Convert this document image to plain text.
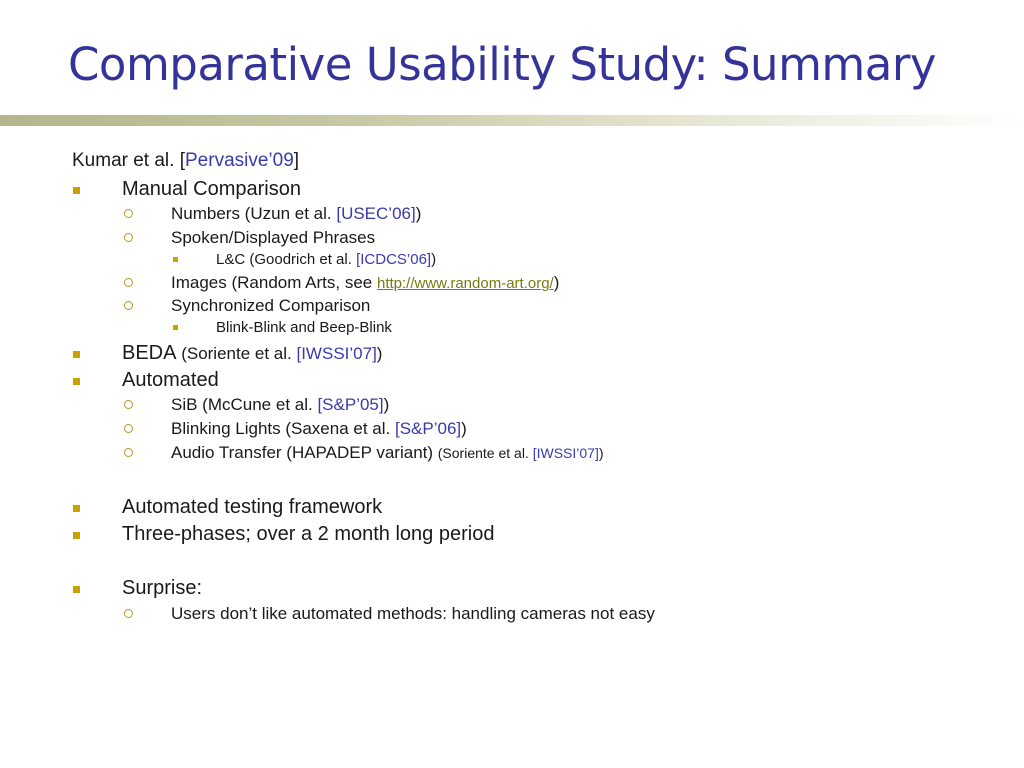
Comparative Usability Study: Summary
Kumar et al. [Pervasive’09]
Manual Comparison
Numbers (Uzun et al. [USEC’06])
Spoken/Displayed Phrases
L&C (Goodrich et al. [ICDCS’06])
Images (Random Arts, see http://www.random-art.org/)
Synchronized Comparison
Blink-Blink and Beep-Blink
BEDA (Soriente et al. [IWSSI’07])
Automated
SiB (McCune et al. [S&P’05])
Blinking Lights (Saxena et al. [S&P’06])
Audio Transfer (HAPADEP variant) (Soriente et al. [IWSSI’07])
Automated testing framework
Three-phases; over a 2 month long period
Surprise:
Users don’t like automated methods: handling cameras not easy
